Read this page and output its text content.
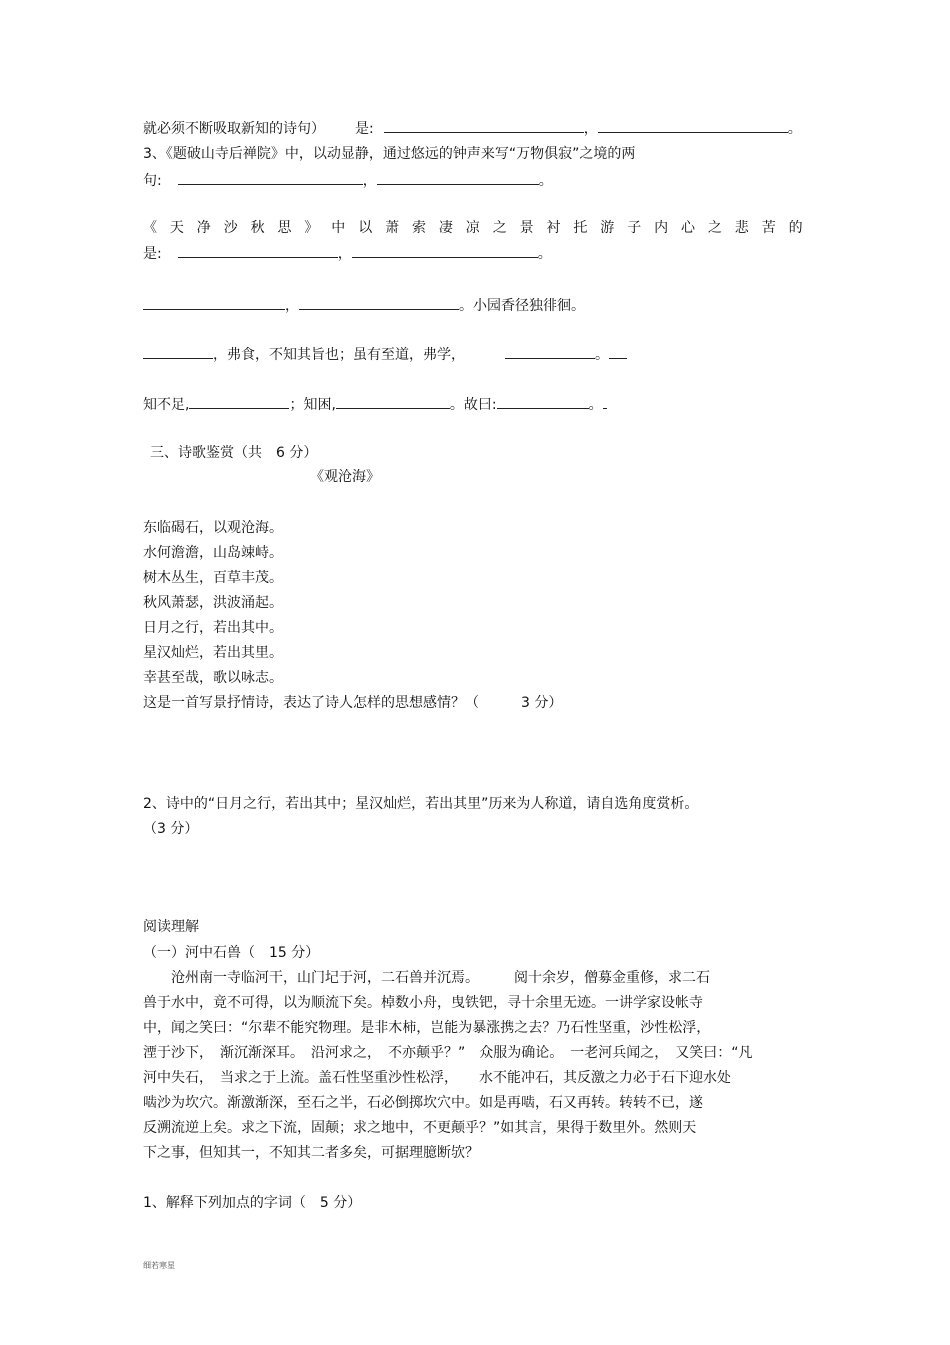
就必须不断吸取新知的诗句） 是:	，	。
3、《题破山寺后禅院》中，以动显静，通过悠远的钟声来写“万物俱寂”之境的两
句:	，	。
《天净沙秋思》中以萧索凄凉之景衬托游子内心之悲苦的
是:	，	。
，	。小园香径独徘徊。
，弗食，不知其旨也；虽有至道，弗学，	。
知不足,	；知困,	。故曰:	。
三、诗歌鉴赏（共　6 分）
《观沧海》
东临碣石，以观沧海。
水何澹澹，山岛竦峙。
树木丛生，百草丰茂。
秋风萧瑟，洪波涌起。
日月之行，若出其中。
星汉灿烂，若出其里。
幸甚至哉，歌以咏志。
这是一首写景抒情诗，表达了诗人怎样的思想感情？（　　　3 分）
2、诗中的“日月之行，若出其中；星汉灿烂，若出其里”历来为人称道，请自选角度赏析。
（3 分）
阅读理解
（一）河中石兽（　15 分）
　　沧州南一寺临河干，山门圮于河，二石兽并沉焉。　　　阅十余岁，僧募金重修，求二石
兽于水中，竟不可得，以为顺流下矣。棹数小舟，曳铁钯，寻十余里无迹。一讲学家设帐寺
中，闻之笑曰：“尔辈不能究物理。是非木柿，岂能为暴涨携之去？乃石性坚重，沙性松浮，
湮于沙下，　渐沉渐深耳。　沿河求之，　不亦颠乎？”　众服为确论。　一老河兵闻之，　又笑曰：“凡
河中失石，　当求之于上流。盖石性坚重沙性松浮，　　水不能冲石，其反激之力必于石下迎水处
啮沙为坎穴。渐激渐深，至石之半，石必倒掷坎穴中。如是再啮，石又再转。转转不已，遂
反溯流逆上矣。求之下流，固颠；求之地中，不更颠乎？”如其言，果得于数里外。然则天
下之事，但知其一，不知其二者多矣，可据理臆断欤？
1、解释下列加点的字词（　5 分）
细若寒星
